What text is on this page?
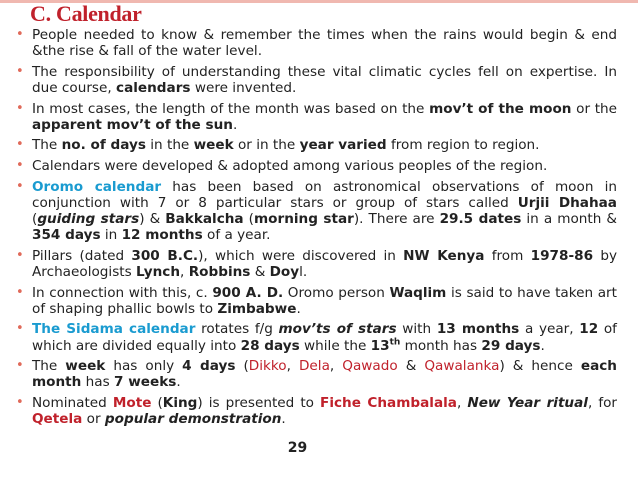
C. Calendar
• People needed to know & remember the times when the rains would begin & end &the rise & fall of the water level.
• The responsibility of understanding these vital climatic cycles fell on expertise. In due course, calendars were invented.
• In most cases, the length of the month was based on the mov’t of the moon or the apparent mov’t of the sun.
• The no. of days in the week or in the year varied from region to region.
• Calendars were developed & adopted among various peoples of the region.
• Oromo calendar has been based on astronomical observations of moon in conjunction with 7 or 8 particular stars or group of stars called Urjii Dhahaa (guiding stars) & Bakkalcha (morning star). There are 29.5 dates in a month & 354 days in 12 months of a year.
• Pillars (dated 300 B.C.), which were discovered in NW Kenya from 1978-86 by Archaeologists Lynch, Robbins & Doyl.
• In connection with this, c. 900 A. D. Oromo person Waqlim is said to have taken art of shaping phallic bowls to Zimbabwe.
• The Sidama calendar rotates f/g mov’ts of stars with 13 months a year, 12 of which are divided equally into 28 days while the 13th month has 29 days.
• The week has only 4 days (Dikko, Dela, Qawado & Qawalanka) & hence each month has 7 weeks.
• Nominated Mote (King) is presented to Fiche Chambalala, New Year ritual, for Qetela or popular demonstration.
29
